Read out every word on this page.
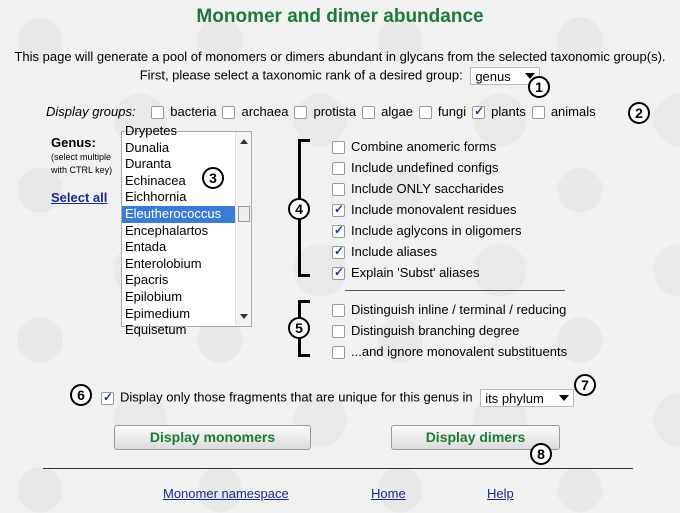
Monomer and dimer abundance
This page will generate a pool of monomers or dimers abundant in glycans from the selected taxonomic group(s).
First, please select a taxonomic rank of a desired group: genus
1
Display groups:	bacteria archaea protista algae fungi ✓ plants animals	2
Genus:
(select multiple with CTRL key)
Select all
Drypetes
Dunalia
Duranta
Echinacea
Eichhornia
Eleutherococcus
Encephalartos
Entada
Enterolobium
Epacris
Epilobium
Epimedium
Equisetum
3
4
Combine anomeric forms
Include undefined configs
Include ONLY saccharides
✓Include monovalent residues
✓Include aglycons in oligomers
✓Include aliases
✓Explain 'Subst' aliases
5
Distinguish inline / terminal / reducing
Distinguish branching degree
...and ignore monovalent substituents
6 ✓	Display only those fragments that are unique for this genus in its phylum
7
Display monomers	Display dimers
8
Monomer namespace	Home	Help
